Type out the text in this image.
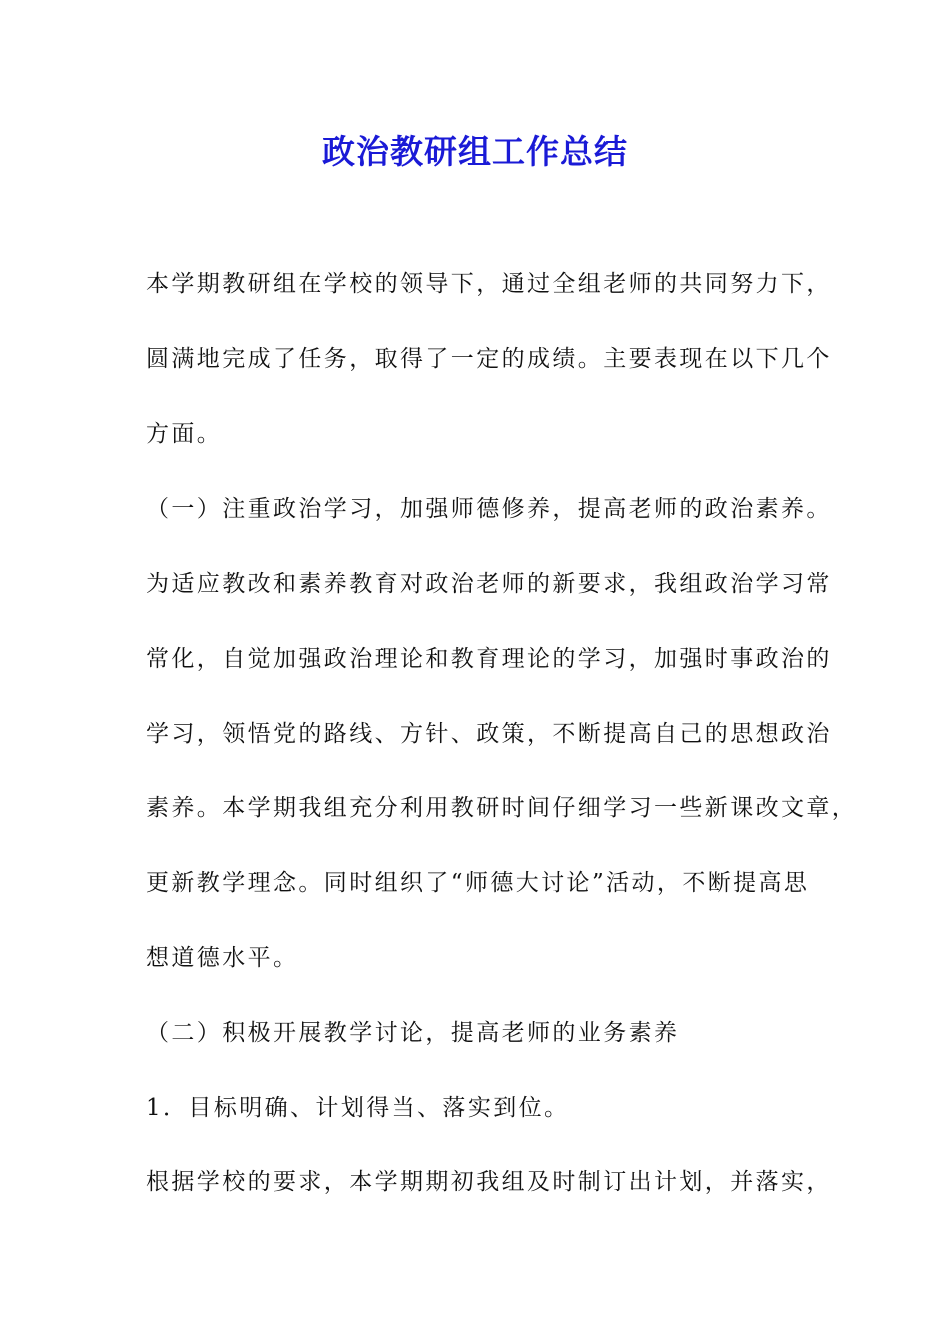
政治教研组工作总结
本学期教研组在学校的领导下，通过全组老师的共同努力下，
圆满地完成了任务，取得了一定的成绩。主要表现在以下几个
方面。
（一）注重政治学习，加强师德修养，提高老师的政治素养。
为适应教改和素养教育对政治老师的新要求，我组政治学习常
常化，自觉加强政治理论和教育理论的学习，加强时事政治的
学习，领悟党的路线、方针、政策，不断提高自己的思想政治
素养。本学期我组充分利用教研时间仔细学习一些新课改文章，
更新教学理念。同时组织了“师德大讨论”活动，不断提高思
想道德水平。
（二）积极开展教学讨论，提高老师的业务素养
1．目标明确、计划得当、落实到位。
根据学校的要求，本学期期初我组及时制订出计划，并落实，
